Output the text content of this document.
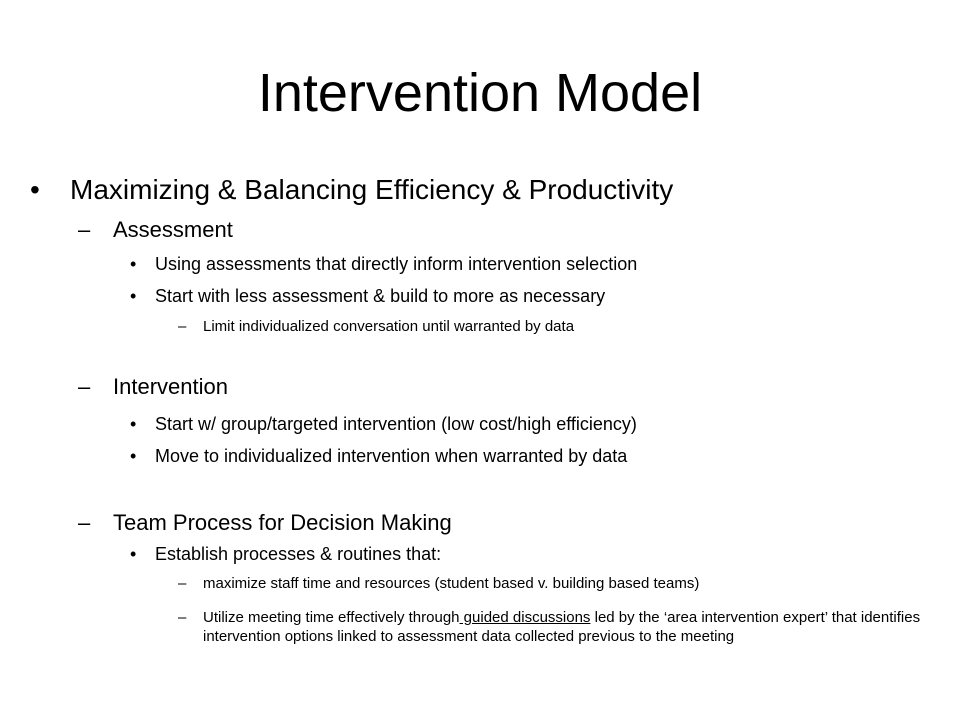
Intervention Model
• Maximizing & Balancing Efficiency & Productivity
– Assessment
• Using assessments that directly inform intervention selection
• Start with less assessment & build to more as necessary
– Limit individualized conversation until warranted by data
– Intervention
• Start w/ group/targeted intervention (low cost/high efficiency)
• Move to individualized intervention when warranted by data
– Team Process for Decision Making
• Establish processes & routines that:
– maximize staff time and resources (student based v. building based teams)
– Utilize meeting time effectively through guided discussions led by the ‘area intervention expert’ that identifies intervention options linked to assessment data collected previous to the meeting
